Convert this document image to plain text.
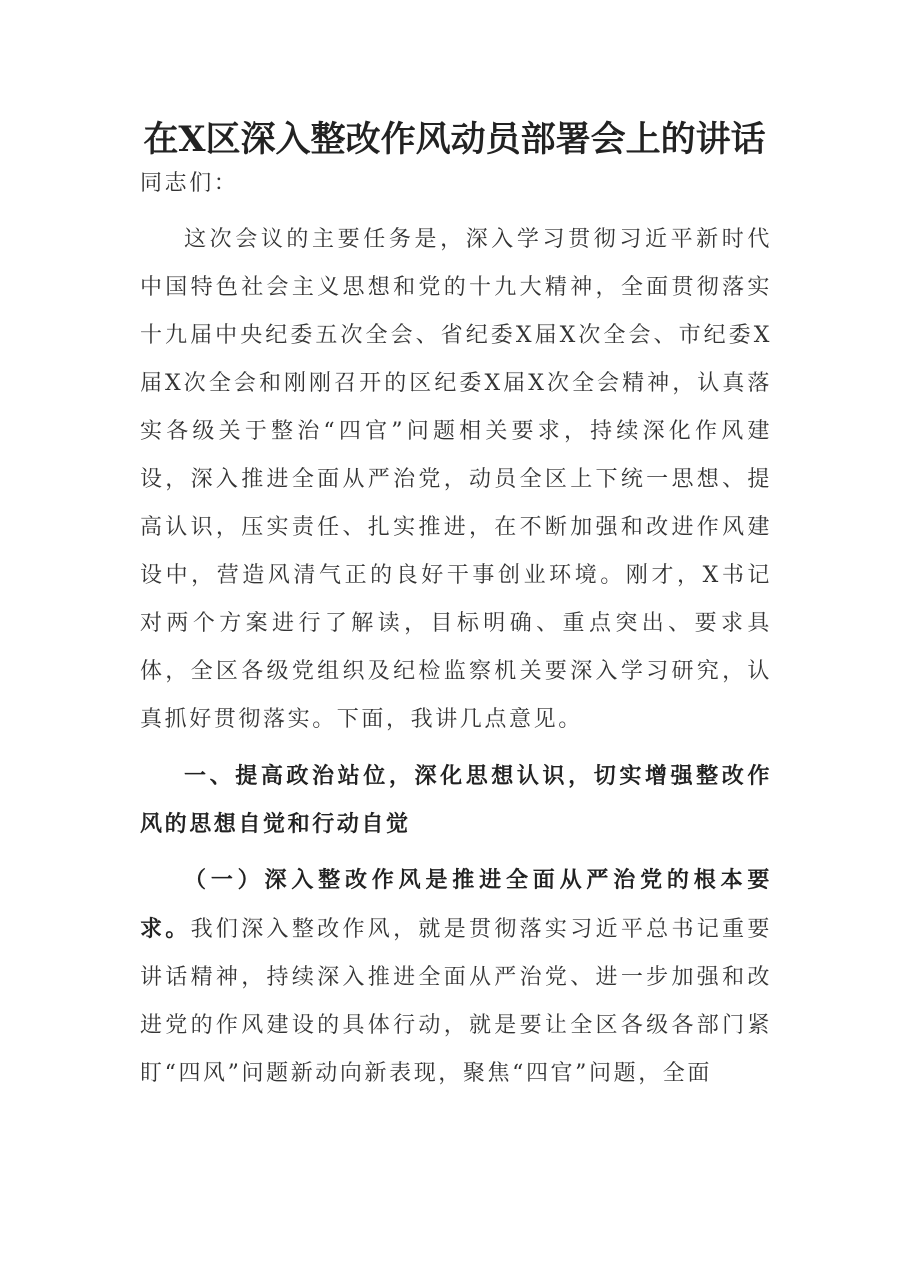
在X区深入整改作风动员部署会上的讲话

同志们：

这次会议的主要任务是，深入学习贯彻习近平新时代中国特色社会主义思想和党的十九大精神，全面贯彻落实十九届中央纪委五次全会、省纪委X届X次全会、市纪委X届X次全会和刚刚召开的区纪委X届X次全会精神，认真落实各级关于整治“四官”问题相关要求，持续深化作风建设，深入推进全面从严治党，动员全区上下统一思想、提高认识，压实责任、扎实推进，在不断加强和改进作风建设中，营造风清气正的良好干事创业环境。刚才，X书记对两个方案进行了解读，目标明确、重点突出、要求具体，全区各级党组织及纪检监察机关要深入学习研究，认真抓好贯彻落实。下面，我讲几点意见。

一、提高政治站位，深化思想认识，切实增强整改作风的思想自觉和行动自觉

（一）深入整改作风是推进全面从严治党的根本要求。我们深入整改作风，就是贯彻落实习近平总书记重要讲话精神，持续深入推进全面从严治党、进一步加强和改进党的作风建设的具体行动，就是要让全区各级各部门紧盯“四风”问题新动向新表现，聚焦“四官”问题，全面
